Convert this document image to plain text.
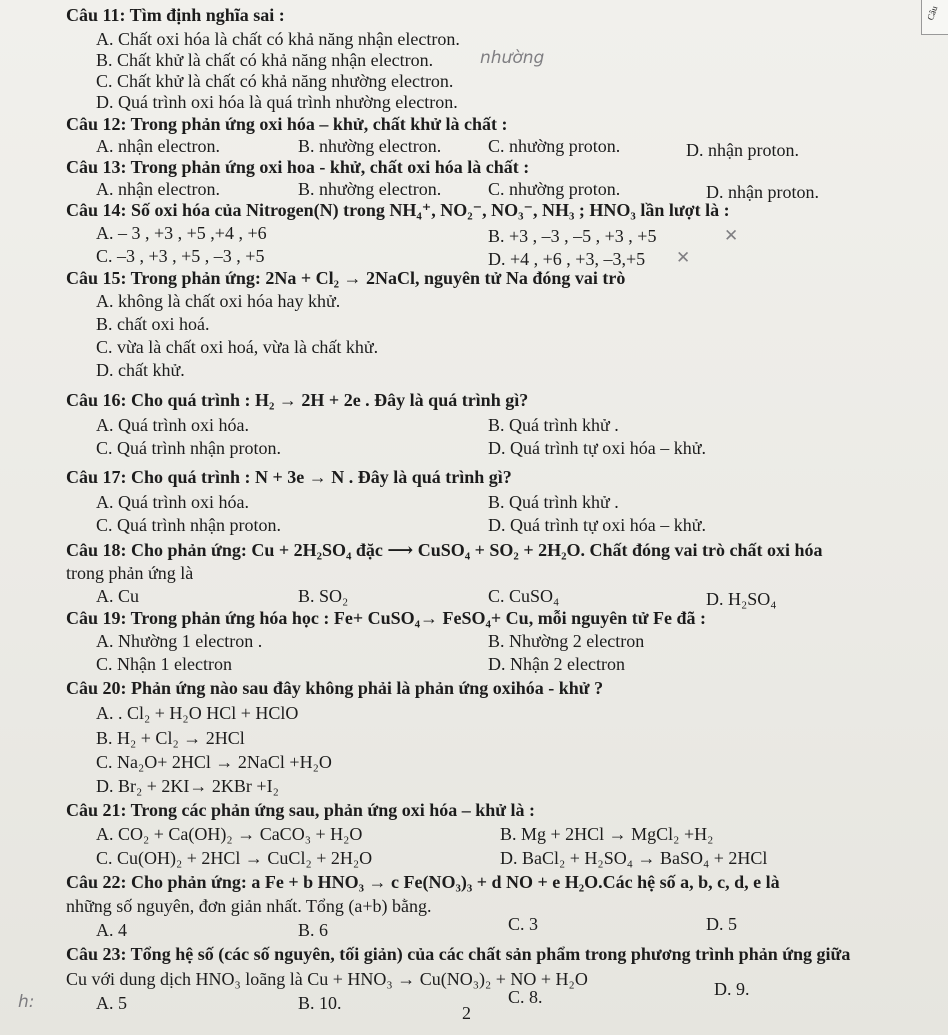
Câu
Câu 11: Tìm định nghĩa sai :
A. Chất oxi hóa là chất có khả năng nhận electron.
B. Chất khử là chất có khả năng nhận electron.
C. Chất khử là chất có khả năng nhường electron.
D. Quá trình oxi hóa là quá trình nhường electron.
Câu 12: Trong phản ứng oxi hóa – khử, chất khử là chất :
A. nhận electron.	B. nhường electron.	C. nhường proton.	D. nhận proton.
Câu 13: Trong phản ứng oxi hoa - khử, chất oxi hóa là chất :
A. nhận electron.	B. nhường electron.	C. nhường proton.	D. nhận proton.
Câu 14: Số oxi hóa của Nitrogen(N) trong NH₄⁺, NO₂⁻, NO₃⁻, NH₃ ; HNO₃ lần lượt là :
A. – 3 , +3 , +5 ,+4 , +6	B. +3 , –3 , –5 , +3 , +5
C. –3 , +3 , +5 , –3 , +5	D. +4 , +6 , +3, –3,+5
Câu 15: Trong phản ứng: 2Na + Cl₂ → 2NaCl, nguyên tử Na đóng vai trò
A. không là chất oxi hóa hay khử.
B. chất oxi hoá.
C. vừa là chất oxi hoá, vừa là chất khử.
D. chất khử.
Câu 16: Cho quá trình : H₂ → 2H + 2e . Đây là quá trình gì?
A. Quá trình oxi hóa.	B. Quá trình khử .
C. Quá trình nhận proton.	D. Quá trình tự oxi hóa – khử.
Câu 17: Cho quá trình : N + 3e → N . Đây là quá trình gì?
A. Quá trình oxi hóa.	B. Quá trình khử .
C. Quá trình nhận proton.	D. Quá trình tự oxi hóa – khử.
Câu 18: Cho phản ứng: Cu + 2H₂SO₄ đặc ⟶ CuSO₄ + SO₂ + 2H₂O. Chất đóng vai trò chất oxi hóa
trong phản ứng là
A. Cu	B. SO₂	C. CuSO₄	D. H₂SO₄
Câu 19: Trong phản ứng hóa học : Fe+ CuSO₄→ FeSO₄+ Cu, mỗi nguyên tử Fe đã :
A. Nhường 1 electron .	B. Nhường 2 electron
C. Nhận 1 electron	D. Nhận 2 electron
Câu 20: Phản ứng nào sau đây không phải là phản ứng oxihóa - khử ?
A. . Cl₂ + H₂O HCl + HClO
B. H₂ + Cl₂ → 2HCl
C. Na₂O+ 2HCl → 2NaCl +H₂O
D. Br₂ + 2KI→ 2KBr +I₂
Câu 21: Trong các phản ứng sau, phản ứng oxi hóa – khử là :
A. CO₂ + Ca(OH)₂ → CaCO₃ + H₂O	B. Mg + 2HCl → MgCl₂ +H₂
C. Cu(OH)₂ + 2HCl → CuCl₂ + 2H₂O	D. BaCl₂ + H₂SO₄ → BaSO₄ + 2HCl
Câu 22: Cho phản ứng: a Fe + b HNO₃ → c Fe(NO₃)₃ + d NO + e H₂O.Các hệ số a, b, c, d, e là
những số nguyên, đơn giản nhất. Tổng (a+b) bằng.
A. 4	B. 6	C. 3	D. 5
Câu 23: Tổng hệ số (các số nguyên, tối giản) của các chất sản phẩm trong phương trình phản ứng giữa
Cu với dung dịch HNO₃ loãng là Cu + HNO₃ → Cu(NO₃)₂ + NO + H₂O
A. 5	B. 10.	C. 8.	D. 9.
nhường
✕
✕
h:
2
